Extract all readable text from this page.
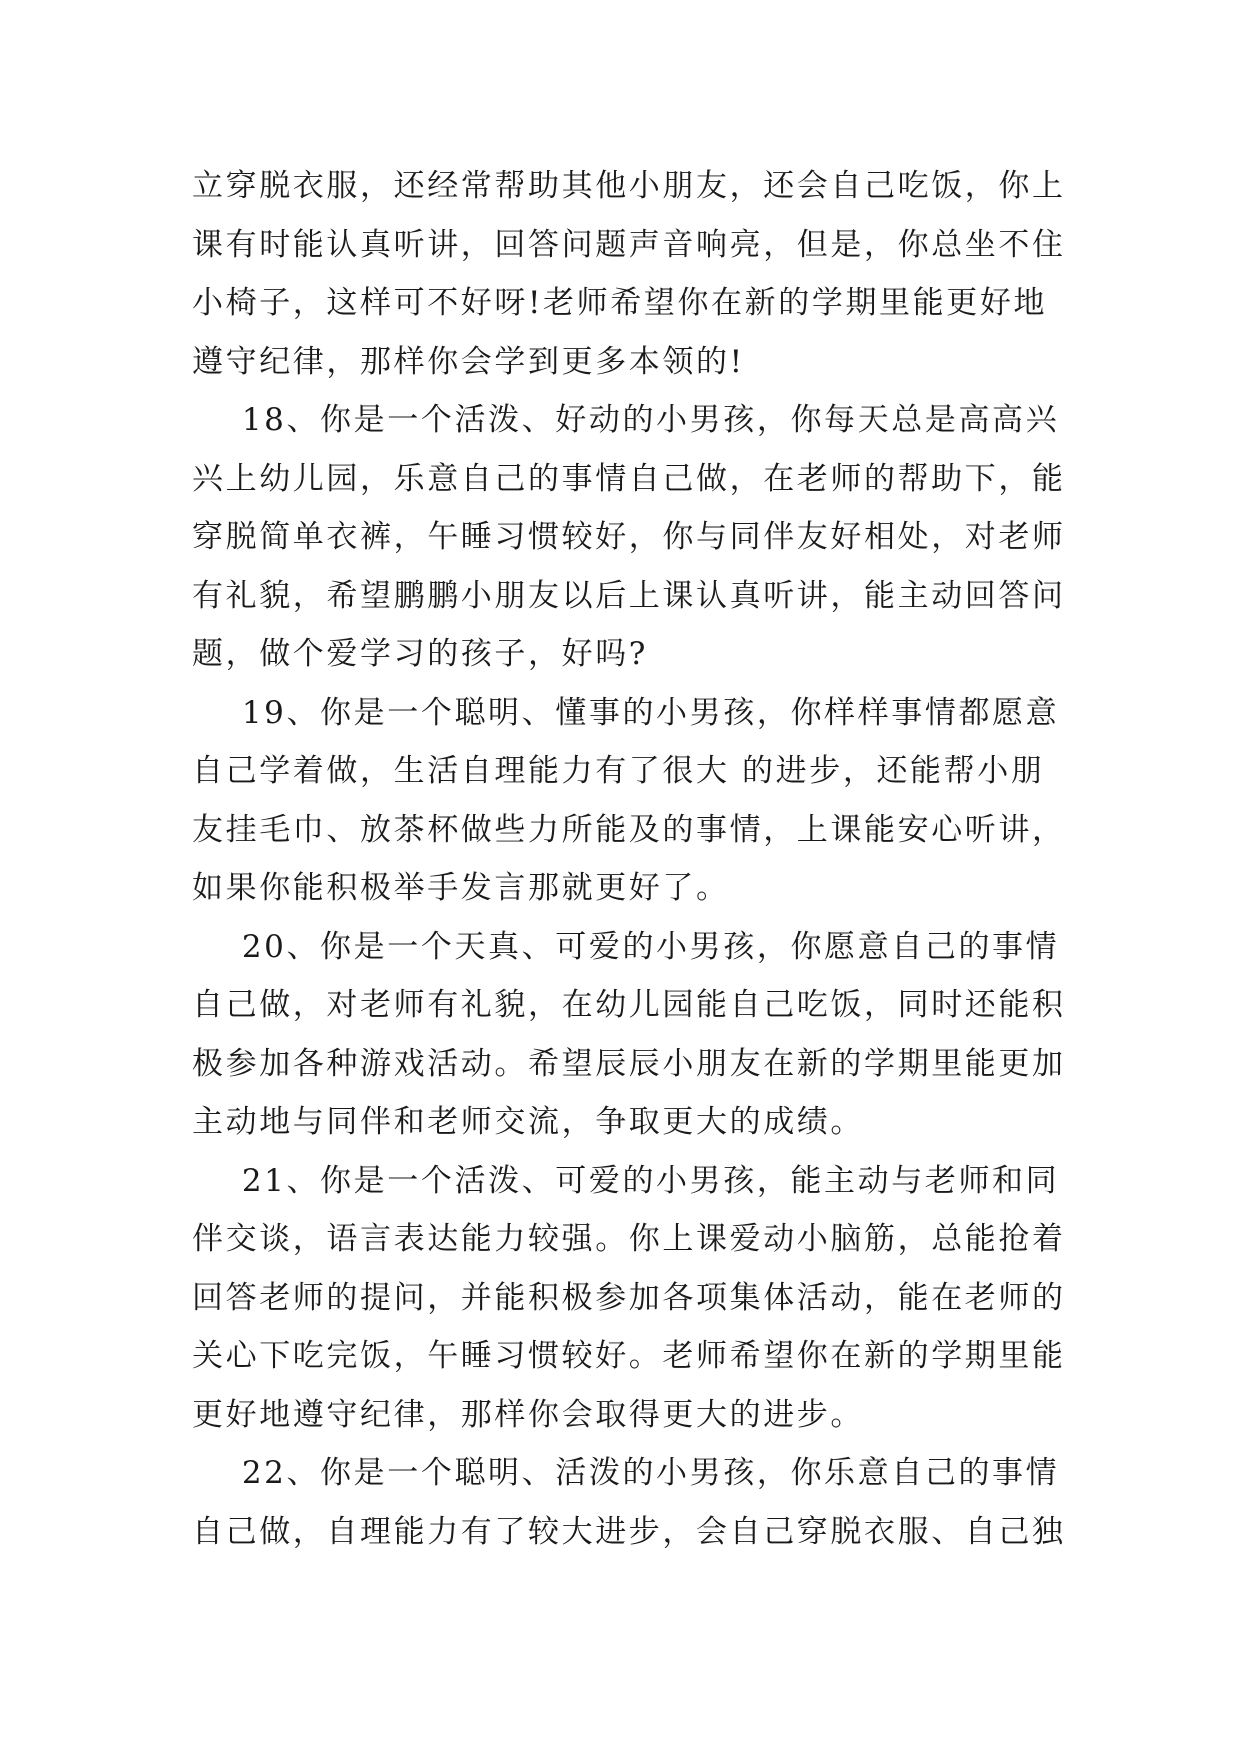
立穿脱衣服，还经常帮助其他小朋友，还会自己吃饭，你上
课有时能认真听讲，回答问题声音响亮，但是，你总坐不住
小椅子，这样可不好呀!老师希望你在新的学期里能更好地
遵守纪律，那样你会学到更多本领的!
18、你是一个活泼、好动的小男孩，你每天总是高高兴
兴上幼儿园，乐意自己的事情自己做，在老师的帮助下，能
穿脱简单衣裤，午睡习惯较好，你与同伴友好相处，对老师
有礼貌，希望鹏鹏小朋友以后上课认真听讲，能主动回答问
题，做个爱学习的孩子，好吗?
19、你是一个聪明、懂事的小男孩，你样样事情都愿意
自己学着做，生活自理能力有了很大 的进步，还能帮小朋
友挂毛巾、放茶杯做些力所能及的事情，上课能安心听讲，
如果你能积极举手发言那就更好了。
20、你是一个天真、可爱的小男孩，你愿意自己的事情
自己做，对老师有礼貌，在幼儿园能自己吃饭，同时还能积
极参加各种游戏活动。希望辰辰小朋友在新的学期里能更加
主动地与同伴和老师交流，争取更大的成绩。
21、你是一个活泼、可爱的小男孩，能主动与老师和同
伴交谈，语言表达能力较强。你上课爱动小脑筋，总能抢着
回答老师的提问，并能积极参加各项集体活动，能在老师的
关心下吃完饭，午睡习惯较好。老师希望你在新的学期里能
更好地遵守纪律，那样你会取得更大的进步。
22、你是一个聪明、活泼的小男孩，你乐意自己的事情
自己做，自理能力有了较大进步，会自己穿脱衣服、自己独
